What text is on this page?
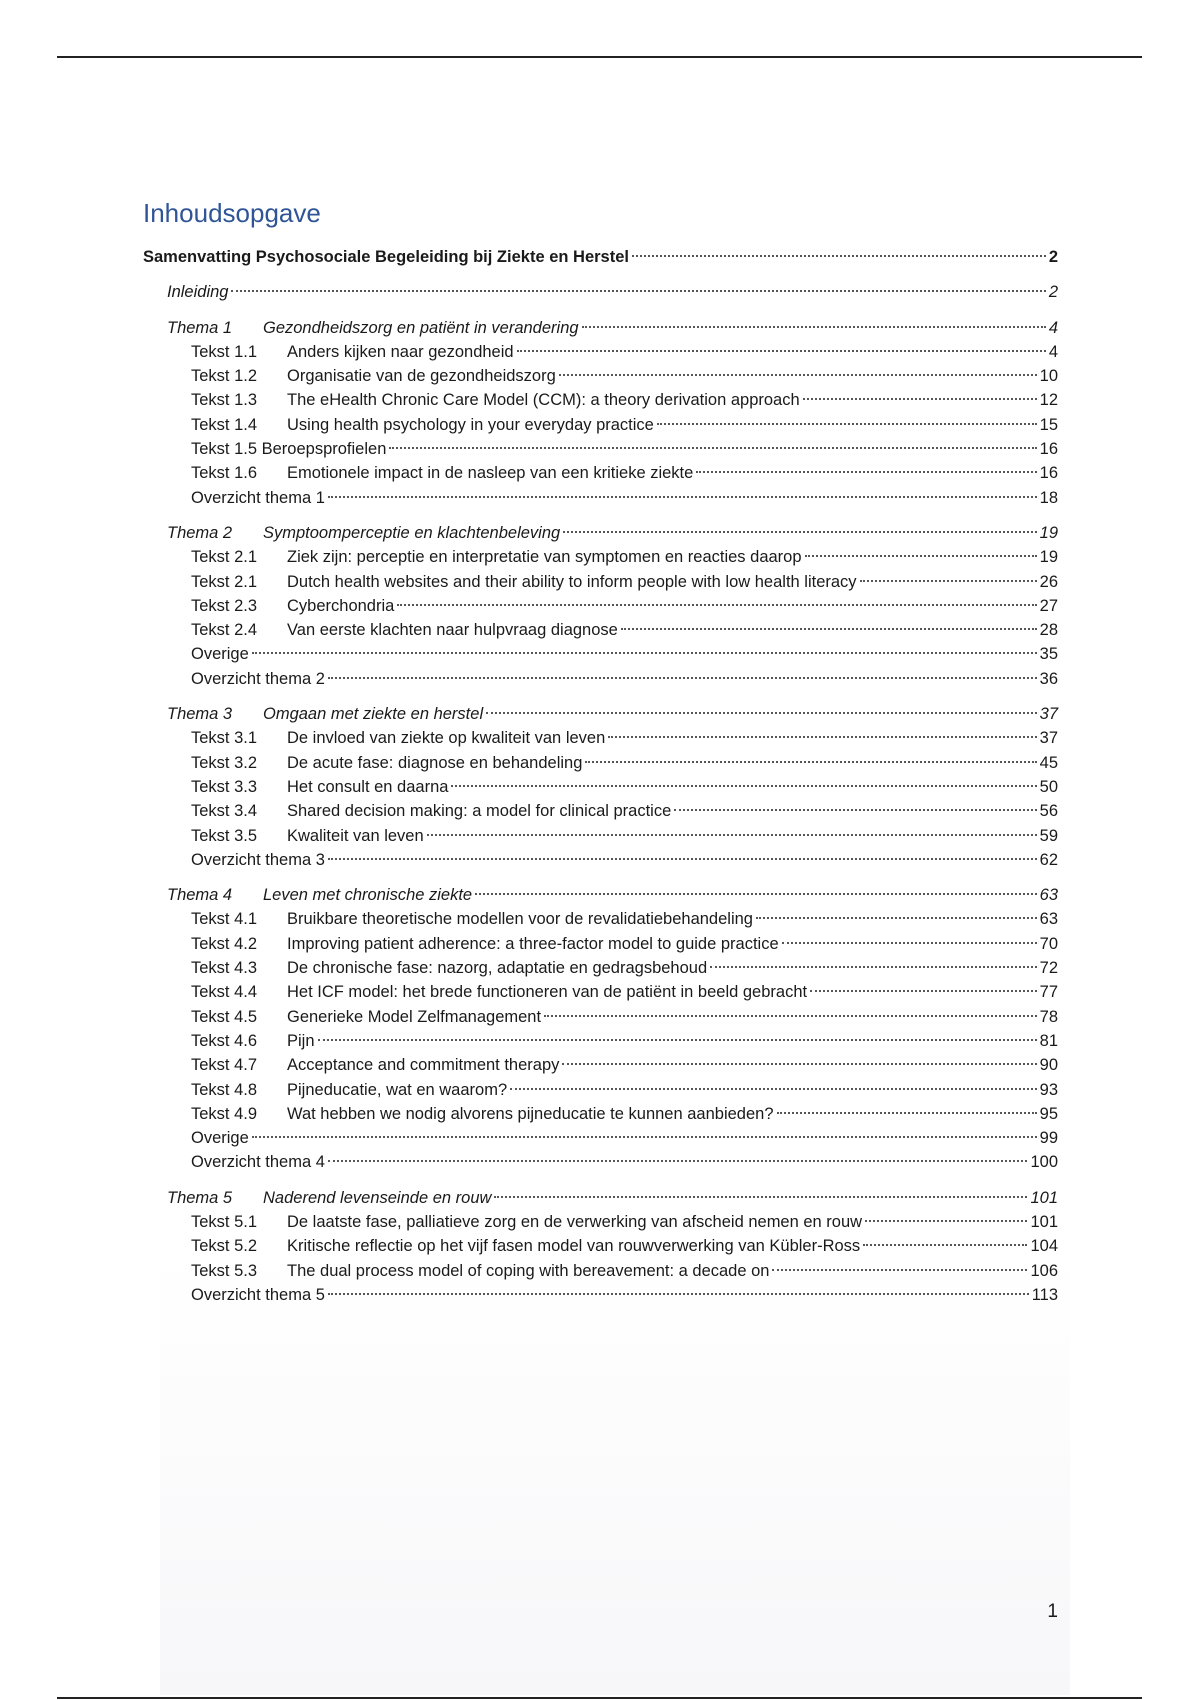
Inhoudsopgave
Samenvatting Psychosociale Begeleiding bij Ziekte en Herstel	2
Inleiding	2
Thema 1	Gezondheidszorg en patiënt in verandering	4
Tekst 1.1	Anders kijken naar gezondheid	4
Tekst 1.2	Organisatie van de gezondheidszorg	10
Tekst 1.3	The eHealth Chronic Care Model (CCM): a theory derivation approach	12
Tekst 1.4	Using health psychology in your everyday practice	15
Tekst 1.5 Beroepsprofielen	16
Tekst 1.6	Emotionele impact in de nasleep van een kritieke ziekte	16
Overzicht thema 1	18
Thema 2	Symptoomperceptie en klachtenbeleving	19
Tekst 2.1	Ziek zijn: perceptie en interpretatie van symptomen en reacties daarop	19
Tekst 2.1	Dutch health websites and their ability to inform people with low health literacy	26
Tekst 2.3	Cyberchondria	27
Tekst 2.4	Van eerste klachten naar hulpvraag diagnose	28
Overige	35
Overzicht thema 2	36
Thema 3	Omgaan met ziekte en herstel	37
Tekst 3.1	De invloed van ziekte op kwaliteit van leven	37
Tekst 3.2	De acute fase: diagnose en behandeling	45
Tekst 3.3	Het consult en daarna	50
Tekst 3.4	Shared decision making: a model for clinical practice	56
Tekst 3.5	Kwaliteit van leven	59
Overzicht thema 3	62
Thema 4	Leven met chronische ziekte	63
Tekst 4.1	Bruikbare theoretische modellen voor de revalidatiebehandeling	63
Tekst 4.2	Improving patient adherence: a three-factor model to guide practice	70
Tekst 4.3	De chronische fase: nazorg, adaptatie en gedragsbehoud	72
Tekst 4.4	Het ICF model: het brede functioneren van de patiënt in beeld gebracht	77
Tekst 4.5	Generieke Model Zelfmanagement	78
Tekst 4.6	Pijn	81
Tekst 4.7	Acceptance and commitment therapy	90
Tekst 4.8	Pijneducatie, wat en waarom?	93
Tekst 4.9	Wat hebben we nodig alvorens pijneducatie te kunnen aanbieden?	95
Overige	99
Overzicht thema 4	100
Thema 5	Naderend levenseinde en rouw	101
Tekst 5.1	De laatste fase, palliatieve zorg en de verwerking van afscheid nemen en rouw	101
Tekst 5.2	Kritische reflectie op het vijf fasen model van rouwverwerking van Kübler-Ross	104
Tekst 5.3	The dual process model of coping with bereavement: a decade on	106
Overzicht thema 5	113
1
